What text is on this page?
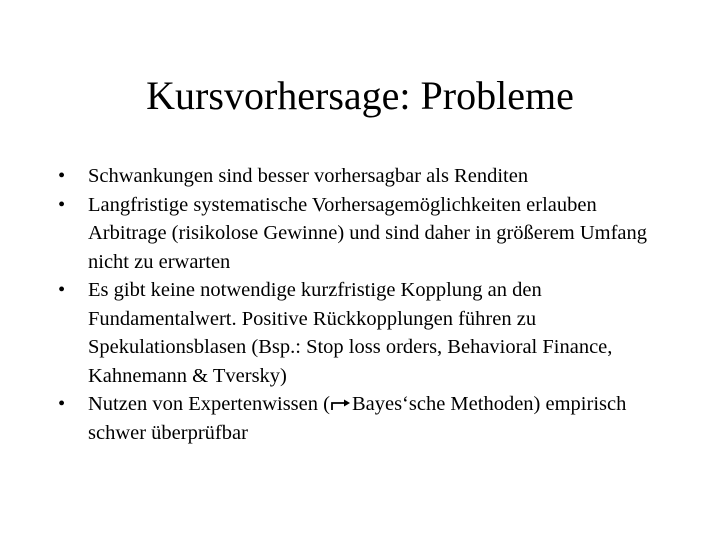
Kursvorhersage: Probleme
•	Schwankungen sind besser vorhersagbar als Renditen
•	Langfristige systematische Vorhersagemöglichkeiten erlauben Arbitrage (risikolose Gewinne) und sind daher in größerem Umfang nicht zu erwarten
•	Es gibt keine notwendige kurzfristige Kopplung an den Fundamentalwert. Positive Rückkopplungen führen zu Spekulationsblasen (Bsp.: Stop loss orders, Behavioral Finance, Kahnemann & Tversky)
•	Nutzen von Expertenwissen ( Bayes‘sche Methoden) empirisch schwer überprüfbar
